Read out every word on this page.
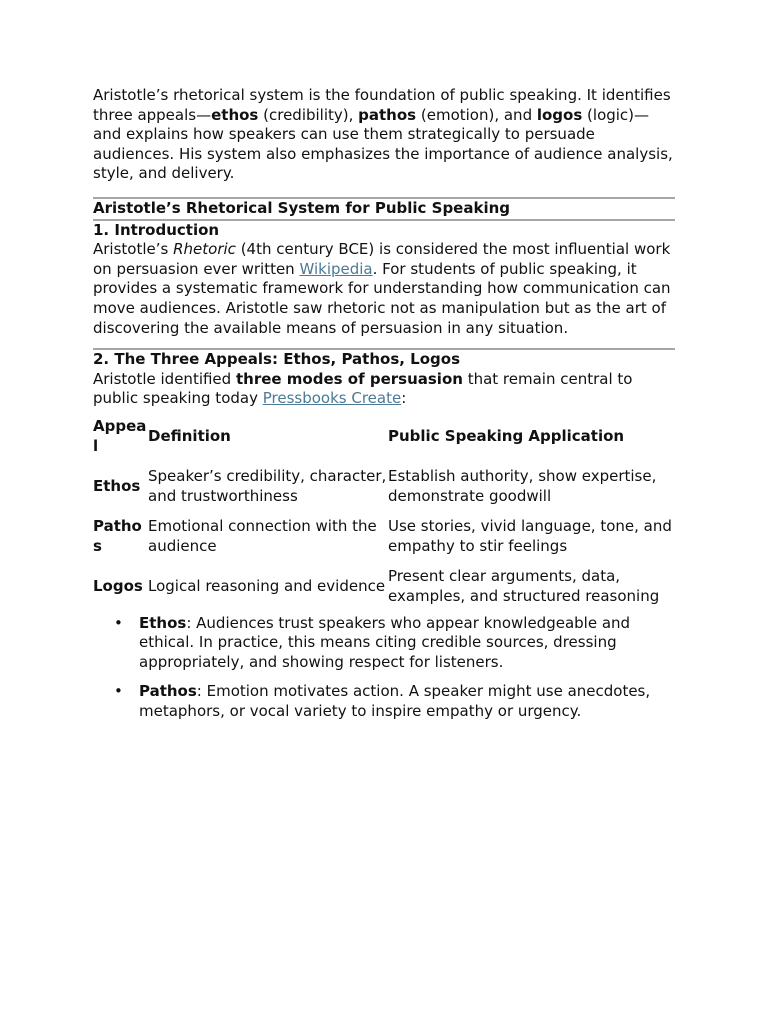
Aristotle’s rhetorical system is the foundation of public speaking. It identifies three appeals—ethos (credibility), pathos (emotion), and logos (logic)—and explains how speakers can use them strategically to persuade audiences. His system also emphasizes the importance of audience analysis, style, and delivery.

Aristotle’s Rhetorical System for Public Speaking
1. Introduction

Aristotle’s Rhetoric (4th century BCE) is considered the most influential work on persuasion ever written Wikipedia. For students of public speaking, it provides a systematic framework for understanding how communication can move audiences. Aristotle saw rhetoric not as manipulation but as the art of discovering the available means of persuasion in any situation.

2. The Three Appeals: Ethos, Pathos, Logos

Aristotle identified three modes of persuasion that remain central to public speaking today Pressbooks Create:

Appeal	Definition	Public Speaking Application
Ethos	Speaker’s credibility, character, and trustworthiness	Establish authority, show expertise, demonstrate goodwill
Pathos	Emotional connection with the audience	Use stories, vivid language, tone, and empathy to stir feelings
Logos	Logical reasoning and evidence	Present clear arguments, data, examples, and structured reasoning
• Ethos: Audiences trust speakers who appear knowledgeable and ethical. In practice, this means citing credible sources, dressing appropriately, and showing respect for listeners.
• Pathos: Emotion motivates action. A speaker might use anecdotes, metaphors, or vocal variety to inspire empathy or urgency.
